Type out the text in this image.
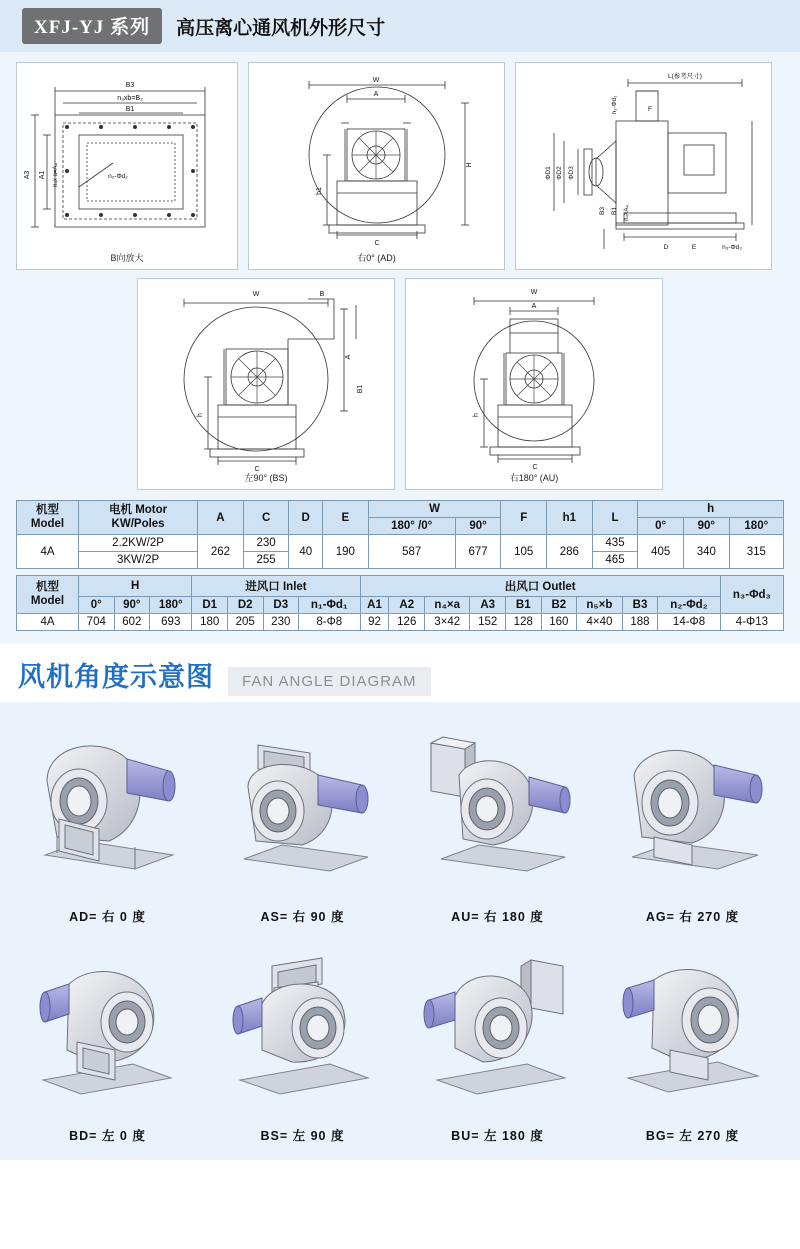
XFJ-YJ 系列	高压离心通风机外形尺寸
B3
n₃xb=B₂
B1
n₂-Φd₂
A3 A1 n₄x a=A₄
B向放大
W
A
C
H
h1
右0° (AD)
L(参考尺寸)
F
D	E	n₃-Φd₃
ΦD1 ΦD2 ΦD3
n₁-Φd₁
B3 B1 n₄×A₄
W	B
C
A
B1
h
左90° (BS)
W
A
C
h
右180° (AU)
机型
Model	电机 Motor
KW/Poles	A	C	D	E	W		F	h1	L	h		
						180° /0°	90°				0°	90°	180°
4A	2.2KW/2P	262	230	40	190	587	677	105	286	435	405	340	315
	3KW/2P		255							465			
机型
Model	H			进风口 Inlet				出风口 Outlet									n₃-Φd₃
	0°	90°	180°	D1	D2	D3	n₁-Φd₁	A1	A2	n₄×a	A3	B1	B2	n₅×b	B3	n₂-Φd₂	
4A	704	602	693	180	205	230	8-Φ8	92	126	3×42	152	128	160	4×40	188	14-Φ8	4-Φ13
风机角度示意图	FAN ANGLE DIAGRAM
AD= 右 0 度	AS= 右 90 度	AU= 右 180 度	AG= 右 270 度
BD= 左 0 度	BS= 左 90 度	BU= 左 180 度	BG= 左 270 度
